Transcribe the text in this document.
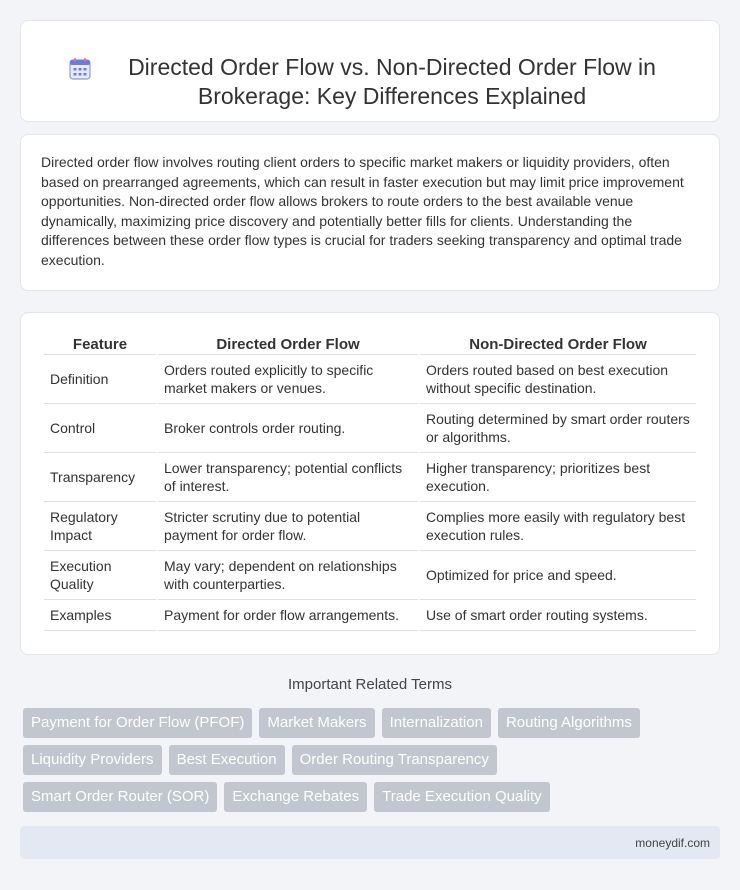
Directed Order Flow vs. Non-Directed Order Flow in Brokerage: Key Differences Explained

Directed order flow involves routing client orders to specific market makers or liquidity providers, often based on prearranged agreements, which can result in faster execution but may limit price improvement opportunities. Non-directed order flow allows brokers to route orders to the best available venue dynamically, maximizing price discovery and potentially better fills for clients. Understanding the differences between these order flow types is crucial for traders seeking transparency and optimal trade execution.

Feature	Directed Order Flow	Non-Directed Order Flow
Definition	Orders routed explicitly to specific market makers or venues.	Orders routed based on best execution without specific destination.
Control	Broker controls order routing.	Routing determined by smart order routers or algorithms.
Transparency	Lower transparency; potential conflicts of interest.	Higher transparency; prioritizes best execution.
Regulatory Impact	Stricter scrutiny due to potential payment for order flow.	Complies more easily with regulatory best execution rules.
Execution Quality	May vary; dependent on relationships with counterparties.	Optimized for price and speed.
Examples	Payment for order flow arrangements.	Use of smart order routing systems.
Important Related Terms
Payment for Order Flow (PFOF)	Market Makers	Internalization	Routing Algorithms
Liquidity Providers	Best Execution	Order Routing Transparency
Smart Order Router (SOR)	Exchange Rebates	Trade Execution Quality
moneydif.com
